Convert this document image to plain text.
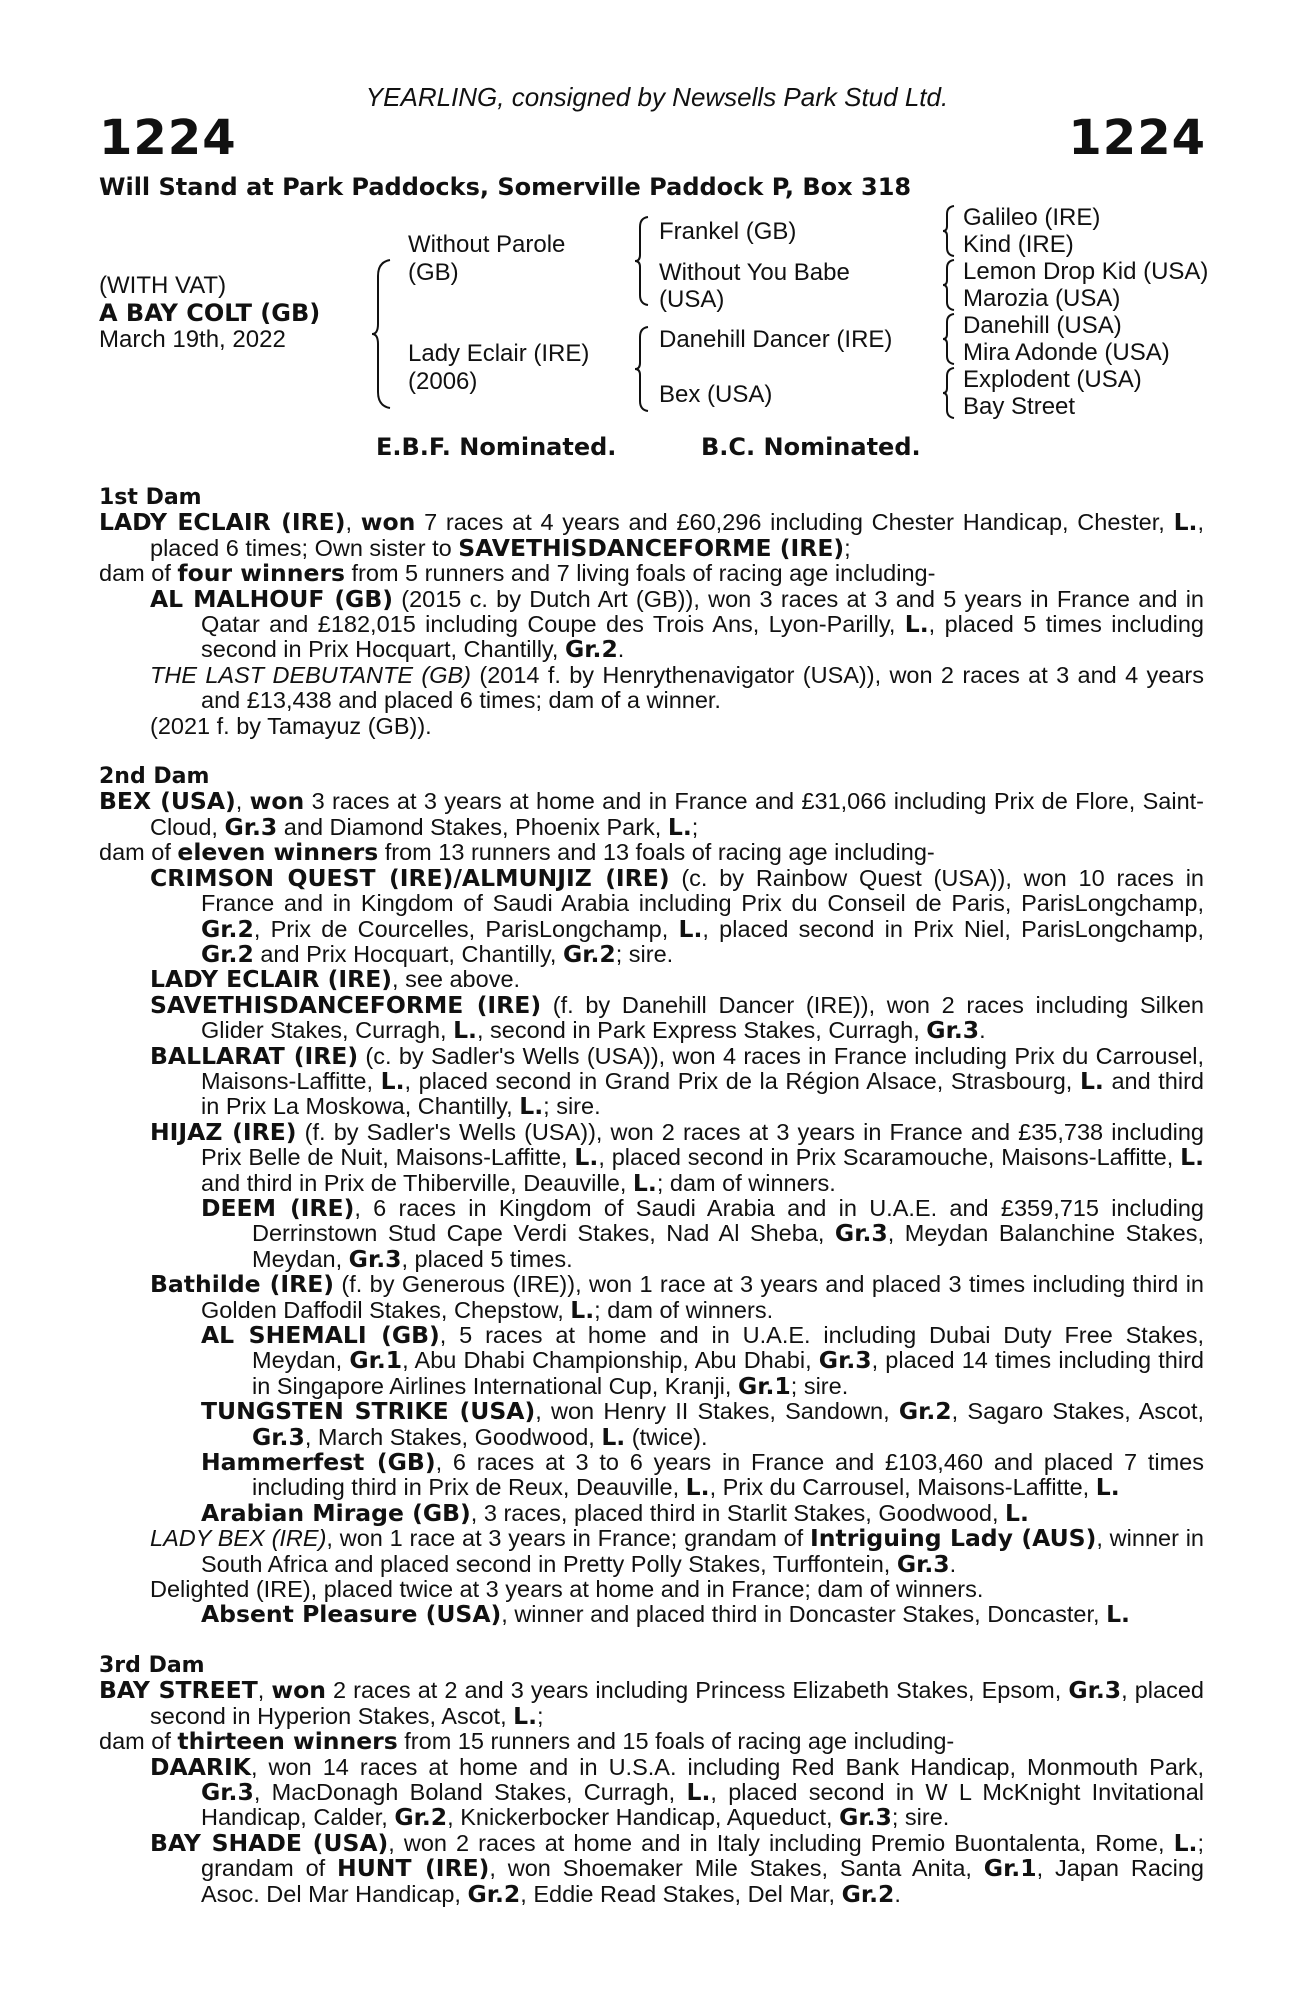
YEARLING, consigned by Newsells Park Stud Ltd.
1224	1224
Will Stand at Park Paddocks, Somerville Paddock P, Box 318
(WITH VAT)
A BAY COLT (GB)
March 19th, 2022
Without Parole
(GB)
Lady Eclair (IRE)
(2006)
Frankel (GB)
Without You Babe
(USA)
Danehill Dancer (IRE)
Bex (USA)
Galileo (IRE)
Kind (IRE)
Lemon Drop Kid (USA)
Marozia (USA)
Danehill (USA)
Mira Adonde (USA)
Explodent (USA)
Bay Street
E.B.F. Nominated.	B.C. Nominated.
1st Dam

LADY ECLAIR (IRE), won 7 races at 4 years and £60,296 including Chester Handicap, Chester, L., placed 6 times; Own sister to SAVETHISDANCEFORME (IRE);

dam of four winners from 5 runners and 7 living foals of racing age including-

AL MALHOUF (GB) (2015 c. by Dutch Art (GB)), won 3 races at 3 and 5 years in France and in Qatar and £182,015 including Coupe des Trois Ans, Lyon-Parilly, L., placed 5 times including second in Prix Hocquart, Chantilly, Gr.2.

THE LAST DEBUTANTE (GB) (2014 f. by Henrythenavigator (USA)), won 2 races at 3 and 4 years and £13,438 and placed 6 times; dam of a winner.

(2021 f. by Tamayuz (GB)).

2nd Dam

BEX (USA), won 3 races at 3 years at home and in France and £31,066 including Prix de Flore, Saint-Cloud, Gr.3 and Diamond Stakes, Phoenix Park, L.;

dam of eleven winners from 13 runners and 13 foals of racing age including-

CRIMSON QUEST (IRE)/ALMUNJIZ (IRE) (c. by Rainbow Quest (USA)), won 10 races in France and in Kingdom of Saudi Arabia including Prix du Conseil de Paris, ParisLongchamp, Gr.2, Prix de Courcelles, ParisLongchamp, L., placed second in Prix Niel, ParisLongchamp, Gr.2 and Prix Hocquart, Chantilly, Gr.2; sire.

LADY ECLAIR (IRE), see above.

SAVETHISDANCEFORME (IRE) (f. by Danehill Dancer (IRE)), won 2 races including Silken Glider Stakes, Curragh, L., second in Park Express Stakes, Curragh, Gr.3.

BALLARAT (IRE) (c. by Sadler's Wells (USA)), won 4 races in France including Prix du Carrousel, Maisons-Laffitte, L., placed second in Grand Prix de la Région Alsace, Strasbourg, L. and third in Prix La Moskowa, Chantilly, L.; sire.

HIJAZ (IRE) (f. by Sadler's Wells (USA)), won 2 races at 3 years in France and £35,738 including Prix Belle de Nuit, Maisons-Laffitte, L., placed second in Prix Scaramouche, Maisons-Laffitte, L. and third in Prix de Thiberville, Deauville, L.; dam of winners.

DEEM (IRE), 6 races in Kingdom of Saudi Arabia and in U.A.E. and £359,715 including Derrinstown Stud Cape Verdi Stakes, Nad Al Sheba, Gr.3, Meydan Balanchine Stakes, Meydan, Gr.3, placed 5 times.

Bathilde (IRE) (f. by Generous (IRE)), won 1 race at 3 years and placed 3 times including third in Golden Daffodil Stakes, Chepstow, L.; dam of winners.

AL SHEMALI (GB), 5 races at home and in U.A.E. including Dubai Duty Free Stakes, Meydan, Gr.1, Abu Dhabi Championship, Abu Dhabi, Gr.3, placed 14 times including third in Singapore Airlines International Cup, Kranji, Gr.1; sire.

TUNGSTEN STRIKE (USA), won Henry II Stakes, Sandown, Gr.2, Sagaro Stakes, Ascot, Gr.3, March Stakes, Goodwood, L. (twice).

Hammerfest (GB), 6 races at 3 to 6 years in France and £103,460 and placed 7 times including third in Prix de Reux, Deauville, L., Prix du Carrousel, Maisons-Laffitte, L.

Arabian Mirage (GB), 3 races, placed third in Starlit Stakes, Goodwood, L.

LADY BEX (IRE), won 1 race at 3 years in France; grandam of Intriguing Lady (AUS), winner in South Africa and placed second in Pretty Polly Stakes, Turffontein, Gr.3.

Delighted (IRE), placed twice at 3 years at home and in France; dam of winners.

Absent Pleasure (USA), winner and placed third in Doncaster Stakes, Doncaster, L.

3rd Dam

BAY STREET, won 2 races at 2 and 3 years including Princess Elizabeth Stakes, Epsom, Gr.3, placed second in Hyperion Stakes, Ascot, L.;

dam of thirteen winners from 15 runners and 15 foals of racing age including-

DAARIK, won 14 races at home and in U.S.A. including Red Bank Handicap, Monmouth Park, Gr.3, MacDonagh Boland Stakes, Curragh, L., placed second in W L McKnight Invitational Handicap, Calder, Gr.2, Knickerbocker Handicap, Aqueduct, Gr.3; sire.

BAY SHADE (USA), won 2 races at home and in Italy including Premio Buontalenta, Rome, L.; grandam of HUNT (IRE), won Shoemaker Mile Stakes, Santa Anita, Gr.1, Japan Racing Asoc. Del Mar Handicap, Gr.2, Eddie Read Stakes, Del Mar, Gr.2.
